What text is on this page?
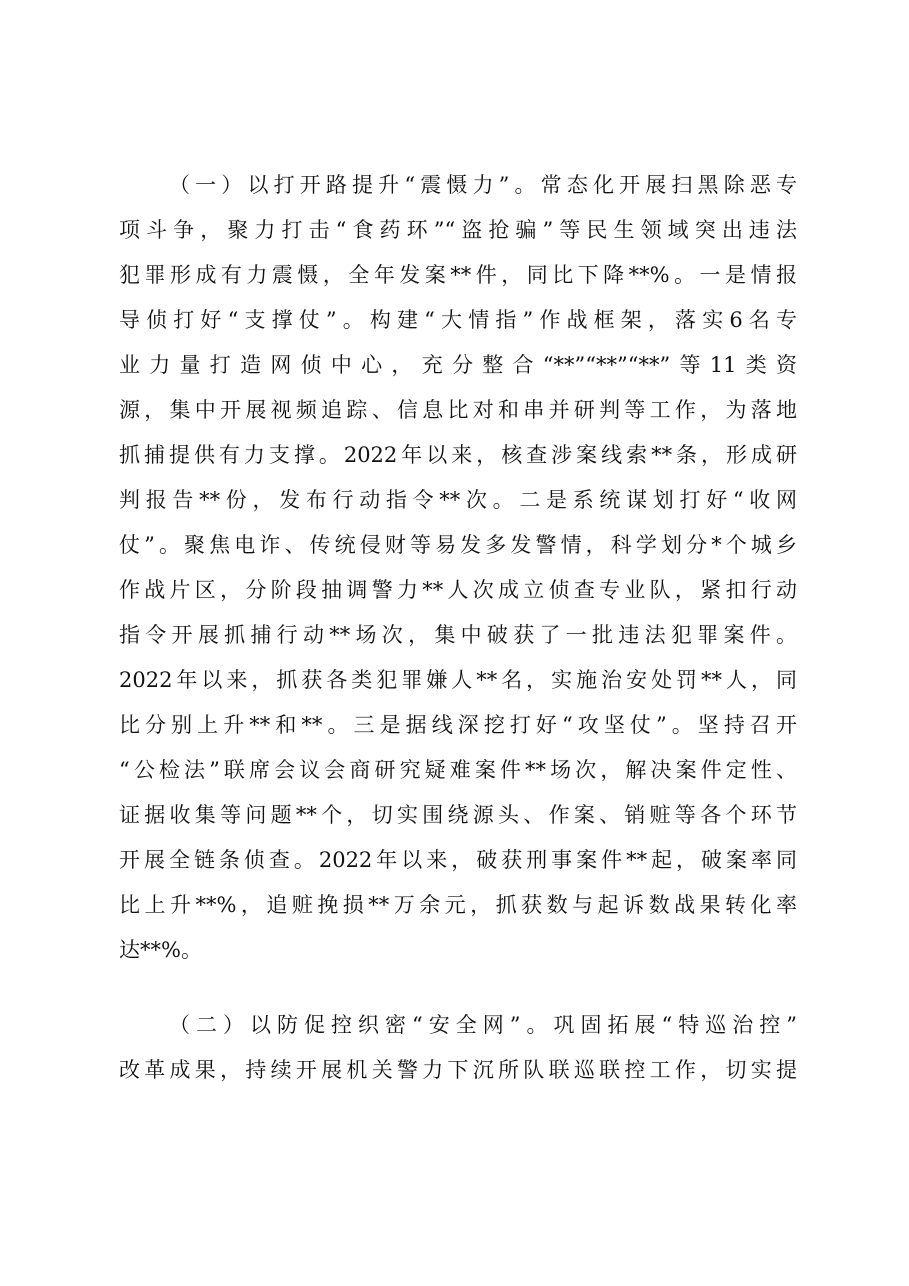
（一）以打开路提升“震慑力”。常态化开展扫黑除恶专
项斗争，聚力打击“食药环”“盗抢骗”等民生领域突出违法
犯罪形成有力震慑，全年发案**件，同比下降**%。一是情报
导侦打好“支撑仗”。构建“大情指”作战框架，落实6名专
业力量打造网侦中心，充分整合“**”“**”“**”等11类资
源，集中开展视频追踪、信息比对和串并研判等工作，为落地
抓捕提供有力支撑。2022年以来，核查涉案线索**条，形成研
判报告**份，发布行动指令**次。二是系统谋划打好“收网
仗”。聚焦电诈、传统侵财等易发多发警情，科学划分*个城乡
作战片区，分阶段抽调警力**人次成立侦查专业队，紧扣行动
指令开展抓捕行动**场次，集中破获了一批违法犯罪案件。
2022年以来，抓获各类犯罪嫌人**名，实施治安处罚**人，同
比分别上升**和**。三是据线深挖打好“攻坚仗”。坚持召开
“公检法”联席会议会商研究疑难案件**场次，解决案件定性、
证据收集等问题**个，切实围绕源头、作案、销赃等各个环节
开展全链条侦查。2022年以来，破获刑事案件**起，破案率同
比上升**%，追赃挽损**万余元，抓获数与起诉数战果转化率
达**%。
（二）以防促控织密“安全网”。巩固拓展“特巡治控”
改革成果，持续开展机关警力下沉所队联巡联控工作，切实提
